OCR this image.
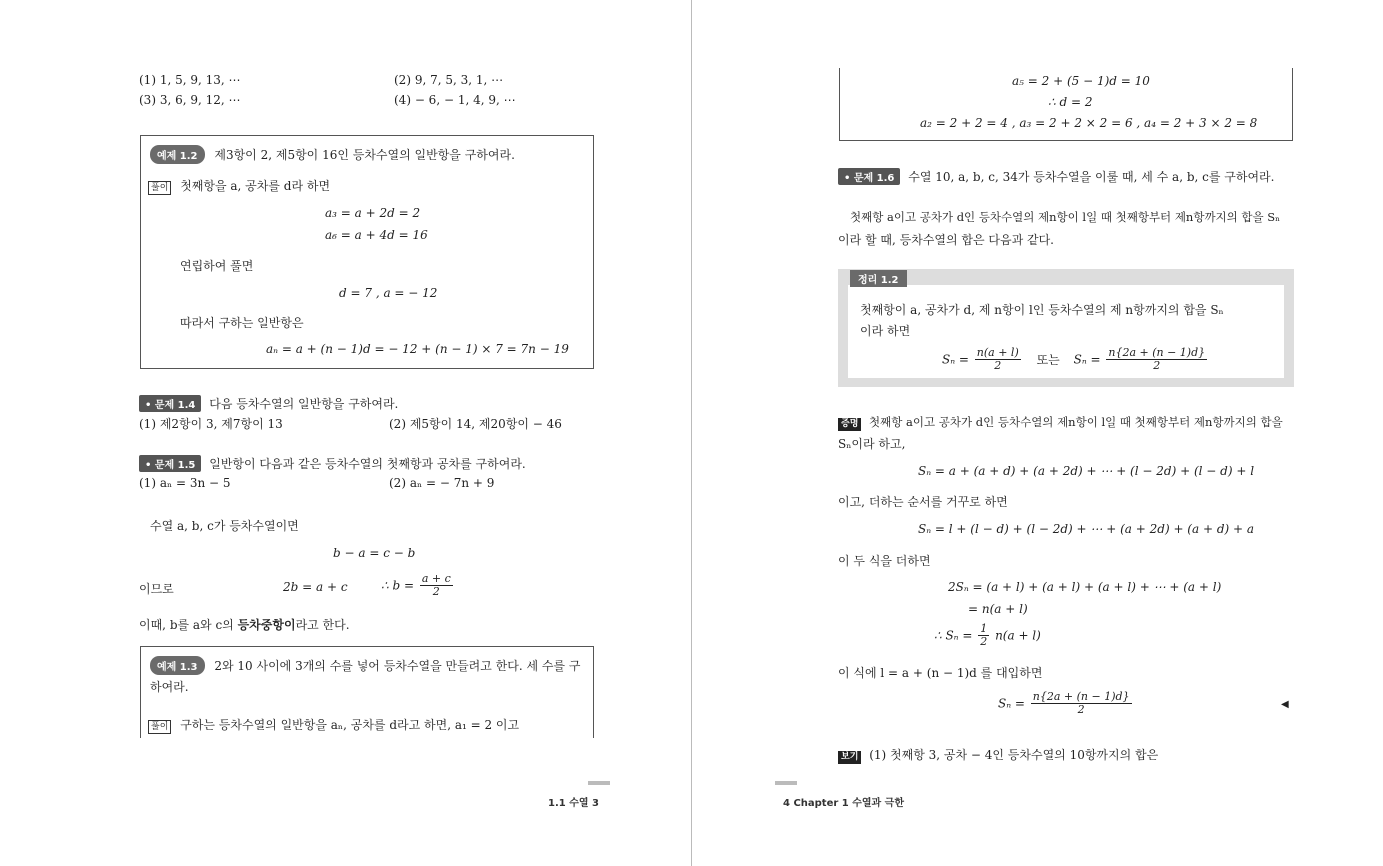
(1) 1, 5, 9, 13, ⋯	(2) 9, 7, 5, 3, 1, ⋯
(3) 3, 6, 9, 12, ⋯	(4) − 6, − 1, 4, 9, ⋯
예제 1.2 제3항이 2, 제5항이 16인 등차수열의 일반항을 구하여라.
풀이 첫째항을 a, 공차를 d라 하면
a₃ = a + 2d = 2
a₆ = a + 4d = 16
연립하여 풀면
d = 7 , a = − 12
따라서 구하는 일반항은
aₙ = a + (n − 1)d = − 12 + (n − 1) × 7 = 7n − 19
• 문제 1.4 다음 등차수열의 일반항을 구하여라.
(1) 제2항이 3, 제7항이 13	(2) 제5항이 14, 제20항이 − 46
• 문제 1.5 일반항이 다음과 같은 등차수열의 첫째항과 공차를 구하여라.
(1) aₙ = 3n − 5	(2) aₙ = − 7n + 9
수열 a, b, c가 등차수열이면
b − a = c − b
이므로	2b = a + c	∴ $b = \frac{a + c}{2}$
이때, b를 a와 c의 등차중항이라고 한다.
예제 1.3 2와 10 사이에 3개의 수를 넣어 등차수열을 만들려고 한다. 세 수를 구
하여라.
풀이 구하는 등차수열의 일반항을 aₙ, 공차를 d라고 하면, a₁ = 2 이고
1.1 수열 3
a₅ = 2 + (5 − 1)d = 10
∴ d = 2
a₂ = 2 + 2 = 4 , a₃ = 2 + 2 × 2 = 6 , a₄ = 2 + 3 × 2 = 8
• 문제 1.6 수열 10, a, b, c, 34가 등차수열을 이룰 때, 세 수 a, b, c를 구하여라.
첫째항 a이고 공차가 d인 등차수열의 제n항이 l일 때 첫째항부터 제n항까지의 합을 Sₙ
이라 할 때, 등차수열의 합은 다음과 같다.
정리 1.2
첫째항이 a, 공차가 d, 제 n항이 l인 등차수열의 제 n항까지의 합을 Sₙ
이라 하면
$S_n = \frac{n(a + l)}{2}$ 또는 $S_n = \frac{n\{2a + (n - 1)d\}}{2}$
증명 첫째항 a이고 공차가 d인 등차수열의 제n항이 l일 때 첫째항부터 제n항까지의 합을
Sₙ이라 하고,
Sₙ = a + (a + d) + (a + 2d) + ⋯ + (l − 2d) + (l − d) + l
이고, 더하는 순서를 거꾸로 하면
Sₙ = l + (l − d) + (l − 2d) + ⋯ + (a + 2d) + (a + d) + a
이 두 식을 더하면
2Sₙ = (a + l) + (a + l) + (a + l) + ⋯ + (a + l)
= n(a + l)
∴ $S_n = \frac{1}{2} n(a + l)$
이 식에 l = a + (n − 1)d 를 대입하면
$S_n = \frac{n\{2a + (n - 1)d\}}{2}$	◀
보기 (1) 첫째항 3, 공차 − 4인 등차수열의 10항까지의 합은
4 Chapter 1 수열과 극한
